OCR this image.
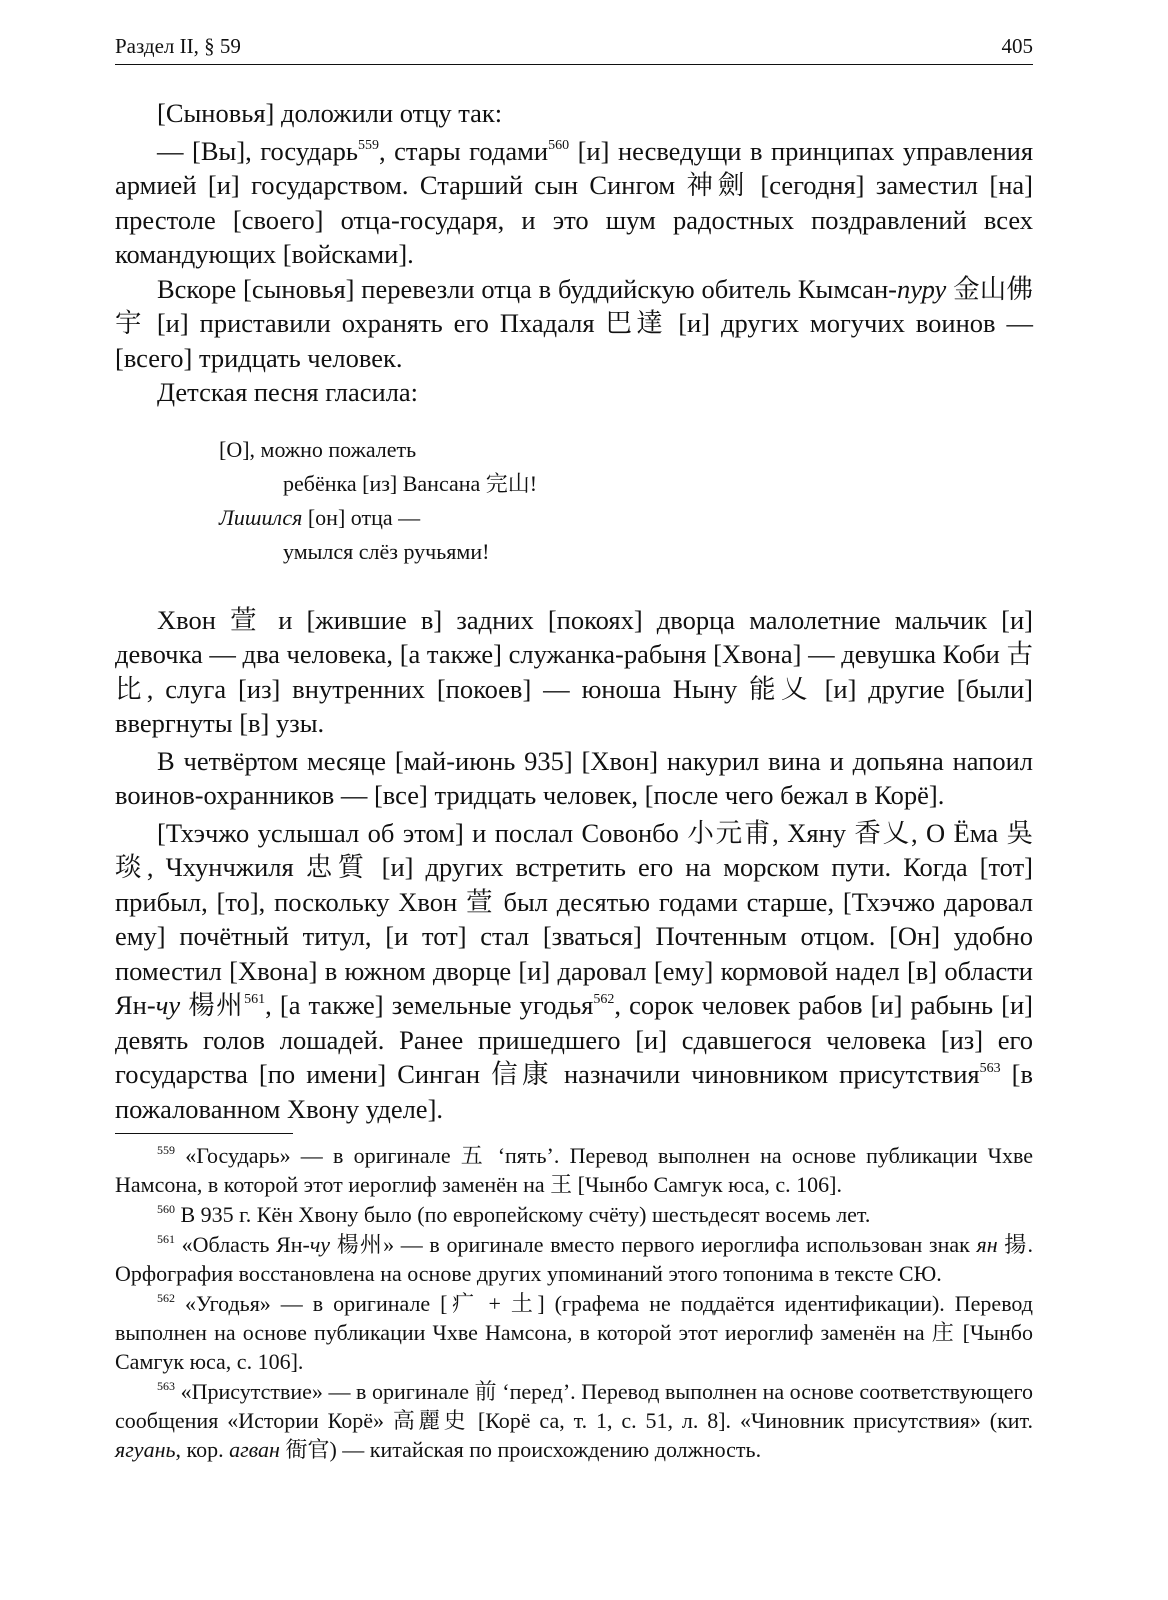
Раздел II, § 59	405

[Сыновья] доложили отцу так:

— [Вы], государь$^{559}$, стары годами$^{560}$ [и] несведущи в принципах управления армией [и] государством. Старший сын Сингом 神劍 [сегодня] заместил [на] престоле [своего] отца-государя, и это шум радостных поздравлений всех командующих [войсками].

Вскоре [сыновья] перевезли отца в буддийскую обитель Кымсан-пуру 金山佛宇 [и] приставили охранять его Пхадаля 巴達 [и] других могучих воинов — [всего] тридцать человек.

Детская песня гласила:

[О], можно пожалеть
ребёнка [из] Вансана 完山!
Лишился [он] отца —
умылся слёз ручьями!

Хвон 萱 и [жившие в] задних [покоях] дворца малолетние мальчик [и] девочка — два человека, [а также] служанка-рабыня [Хвона] — девушка Коби 古比, слуга [из] внутренних [покоев] — юноша Ныну 能乂 [и] другие [были] ввергнуты [в] узы.

В четвёртом месяце [май-июнь 935] [Хвон] накурил вина и допьяна напоил воинов-охранников — [все] тридцать человек, [после чего бежал в Корё].

[Тхэчжо услышал об этом] и послал Совонбо 小元甫, Хяну 香乂, О Ёма 吳琰, Чхунчжиля 忠質 [и] других встретить его на морском пути. Когда [тот] прибыл, [то], поскольку Хвон 萱 был десятью годами старше, [Тхэчжо даровал ему] почётный титул, [и тот] стал [зваться] Почтенным отцом. [Он] удобно поместил [Хвона] в южном дворце [и] даровал [ему] кормовой надел [в] области Ян-чу 楊州$^{561}$, [а также] земельные угодья$^{562}$, сорок человек рабов [и] рабынь [и] девять голов лошадей. Ранее пришедшего [и] сдавшегося человека [из] его государства [по имени] Синган 信康 назначили чиновником присутствия$^{563}$ [в пожалованном Хвону уделе].

$^{559}$ «Государь» — в оригинале 五 ‘пять’. Перевод выполнен на основе публикации Чхве Намсона, в которой этот иероглиф заменён на 王 [Чынбо Самгук юса, с. 106].

$^{560}$ В 935 г. Кён Хвону было (по европейскому счёту) шестьдесят восемь лет.

$^{561}$ «Область Ян-чу 楊州» — в оригинале вместо первого иероглифа использован знак ян 揚. Орфография восстановлена на основе других упоминаний этого топонима в тексте СЮ.

$^{562}$ «Угодья» — в оригинале [疒 + 土] (графема не поддаётся идентификации). Перевод выполнен на основе публикации Чхве Намсона, в которой этот иероглиф заменён на 庄 [Чынбо Самгук юса, с. 106].

$^{563}$ «Присутствие» — в оригинале 前 ‘перед’. Перевод выполнен на основе соответствующего сообщения «Истории Корё» 高麗史 [Корё са, т. 1, с. 51, л. 8]. «Чиновник присутствия» (кит. ягуань, кор. агван 衙官) — китайская по происхождению должность.
